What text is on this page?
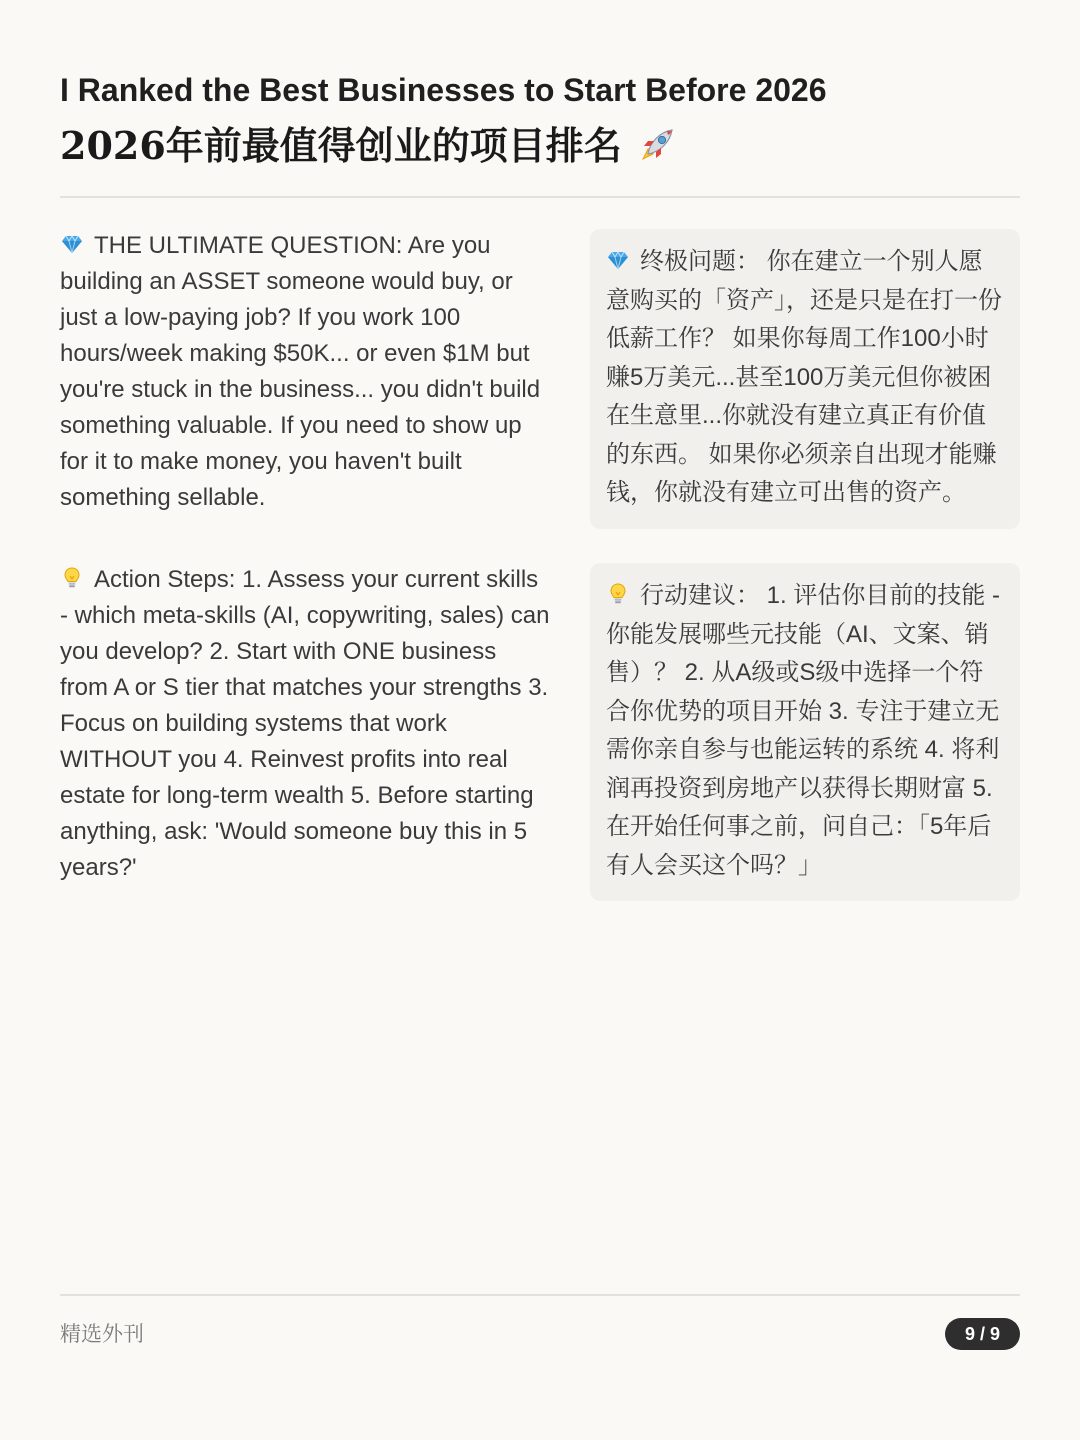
I Ranked the Best Businesses to Start Before 2026
2026年前最值得创业的项目排名
THE ULTIMATE QUESTION: Are you building an ASSET someone would buy, or just a low-paying job? If you work 100 hours/week making $50K... or even $1M but you're stuck in the business... you didn't build something valuable. If you need to show up for it to make money, you haven't built something sellable.
终极问题： 你在建立一个别人愿意购买的「资产」，还是只是在打一份低薪工作？ 如果你每周工作100小时赚5万美元...甚至100万美元但你被困在生意里...你就没有建立真正有价值的东西。 如果你必须亲自出现才能赚钱，你就没有建立可出售的资产。
Action Steps: 1. Assess your current skills - which meta-skills (AI, copywriting, sales) can you develop? 2. Start with ONE business from A or S tier that matches your strengths 3. Focus on building systems that work WITHOUT you 4. Reinvest profits into real estate for long-term wealth 5. Before starting anything, ask: 'Would someone buy this in 5 years?'
行动建议： 1. 评估你目前的技能 - 你能发展哪些元技能（AI、文案、销售）？ 2. 从A级或S级中选择一个符合你优势的项目开始 3. 专注于建立无需你亲自参与也能运转的系统 4. 将利润再投资到房地产以获得长期财富 5. 在开始任何事之前，问自己：「5年后有人会买这个吗？」
精选外刊	9 / 9
